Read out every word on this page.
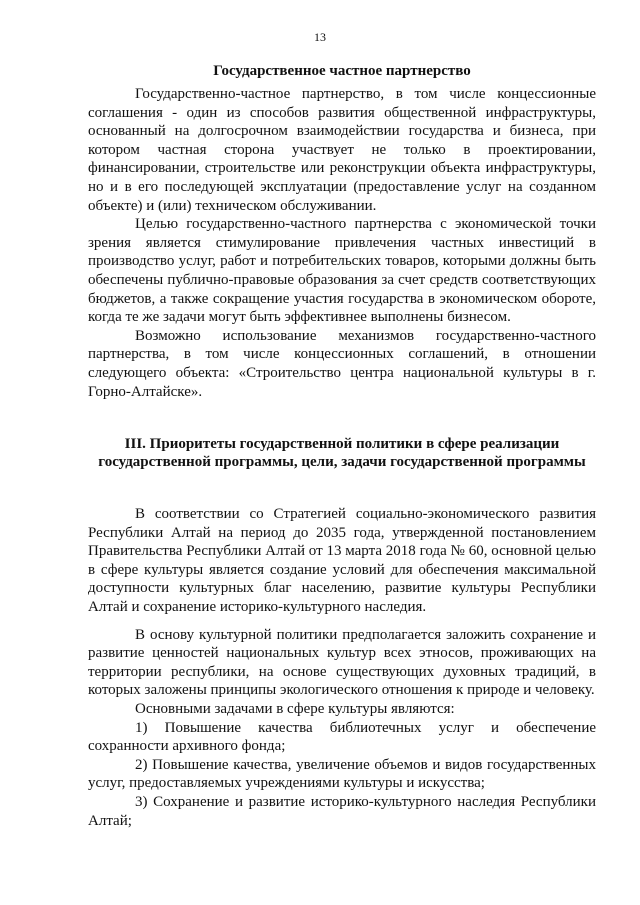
13

Государственное частное партнерство

Государственно-частное партнерство, в том числе концессионные соглашения - один из способов развития общественной инфраструктуры, основанный на долгосрочном взаимодействии государства и бизнеса, при котором частная сторона участвует не только в проектировании, финансировании, строительстве или реконструкции объекта инфраструктуры, но и в его последующей эксплуатации (предоставление услуг на созданном объекте) и (или) техническом обслуживании.

Целью государственно-частного партнерства с экономической точки зрения является стимулирование привлечения частных инвестиций в производство услуг, работ и потребительских товаров, которыми должны быть обеспечены публично-правовые образования за счет средств соответствующих бюджетов, а также сокращение участия государства в экономическом обороте, когда те же задачи могут быть эффективнее выполнены бизнесом.

Возможно использование механизмов государственно-частного партнерства, в том числе концессионных соглашений, в отношении следующего объекта: «Строительство центра национальной культуры в г. Горно-Алтайске».

III. Приоритеты государственной политики в сфере реализации государственной программы, цели, задачи государственной программы

В соответствии со Стратегией социально-экономического развития Республики Алтай на период до 2035 года, утвержденной постановлением Правительства Республики Алтай от 13 марта 2018 года № 60, основной целью в сфере культуры является создание условий для обеспечения максимальной доступности культурных благ населению, развитие культуры Республики Алтай и сохранение историко-культурного наследия.

В основу культурной политики предполагается заложить сохранение и развитие ценностей национальных культур всех этносов, проживающих на территории республики, на основе существующих духовных традиций, в которых заложены принципы экологического отношения к природе и человеку.

Основными задачами в сфере культуры являются:

1) Повышение качества библиотечных услуг и обеспечение сохранности архивного фонда;

2) Повышение качества, увеличение объемов и видов государственных услуг, предоставляемых учреждениями культуры и искусства;

3) Сохранение и развитие историко-культурного наследия Республики Алтай;
